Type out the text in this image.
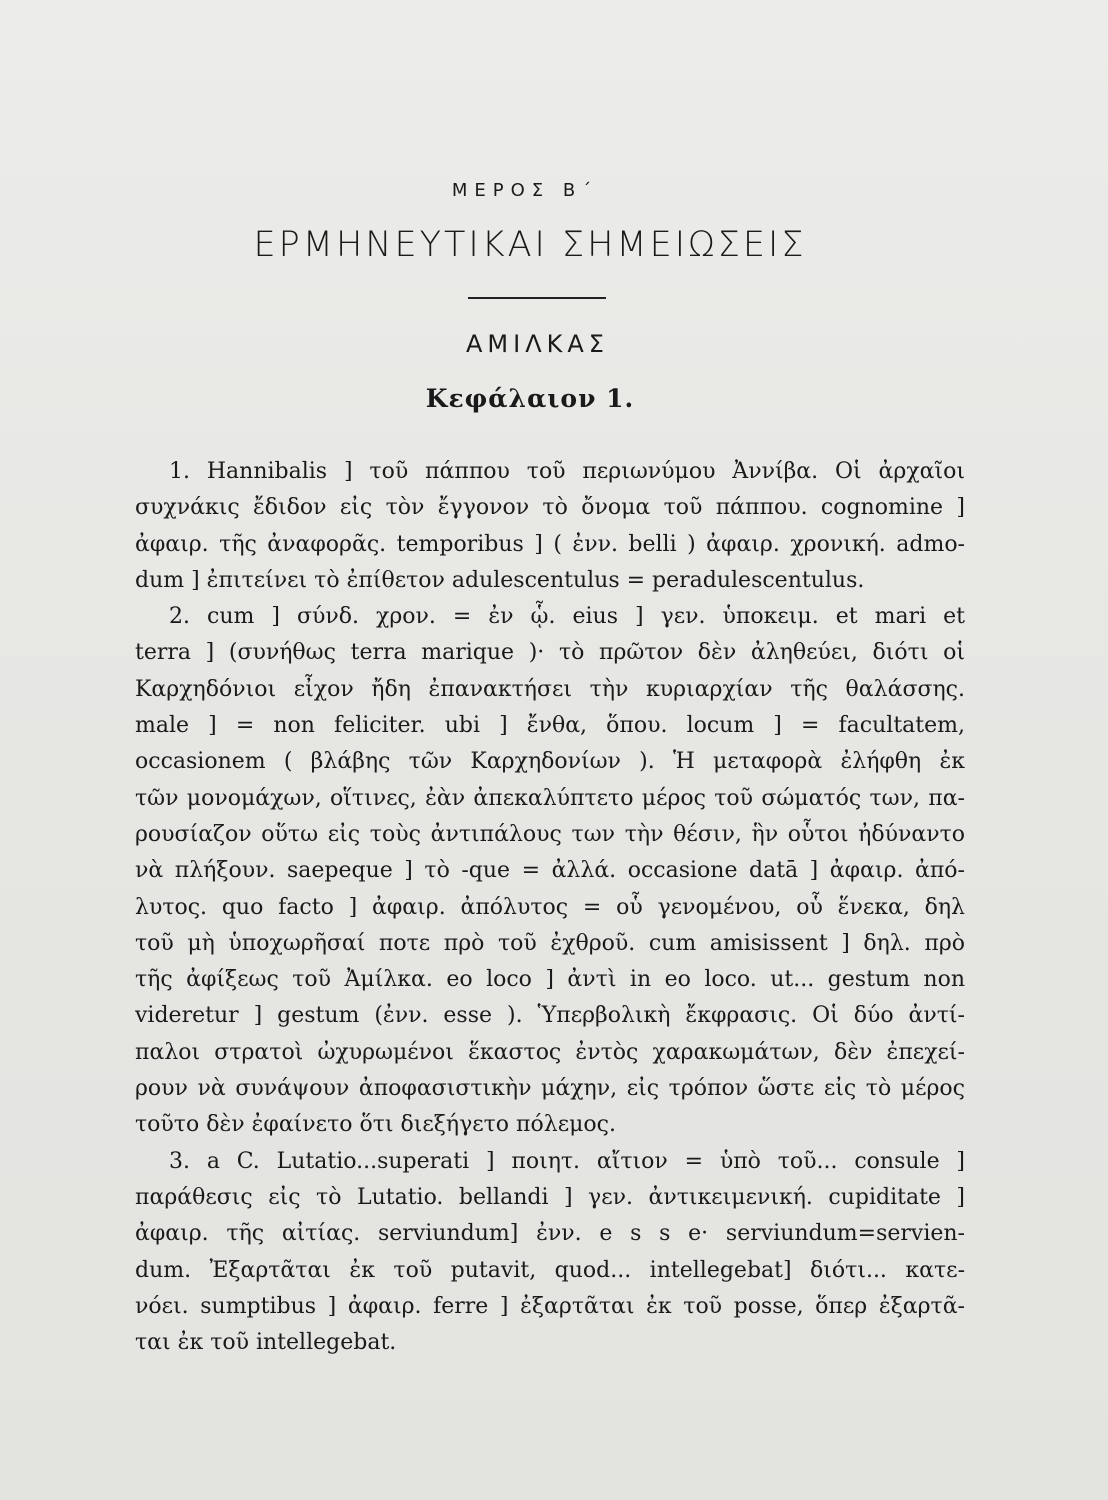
ΜΕΡΟΣ Β΄
ΕΡΜΗΝΕΥΤΙΚΑΙ ΣΗΜΕΙΩΣΕΙΣ
ΑΜΙΛΚΑΣ
Κεφάλαιον 1.
1. Hannibalis ] τοῦ πάππου τοῦ περιωνύμου Ἀννίβα. Οἱ ἀρχαῖοι
συχνάκις ἔδιδον εἰς τὸν ἔγγονον τὸ ὄνομα τοῦ πάππου. cognomine ]
ἀφαιρ. τῆς ἀναφορᾶς. temporibus ] ( ἐνν. belli ) ἀφαιρ. χρονική. admo-
dum ] ἐπιτείνει τὸ ἐπίθετον adulescentulus = peradulescentulus.
2. cum ] σύνδ. χρον. = ἐν ᾧ. eius ] γεν. ὑποκειμ. et mari et
terra ] (συνήθως terra marique )· τὸ πρῶτον δὲν ἀληθεύει, διότι οἱ
Καρχηδόνιοι εἶχον ἤδη ἐπανακτήσει τὴν κυριαρχίαν τῆς θαλάσσης.
male ] = non feliciter. ubi ] ἔνθα, ὅπου. locum ] = facultatem,
occasionem ( βλάβης τῶν Καρχηδονίων ). Ἡ μεταφορὰ ἐλήφθη ἐκ
τῶν μονομάχων, οἵτινες, ἐὰν ἀπεκαλύπτετο μέρος τοῦ σώματός των, πα-
ρουσίαζον οὕτω εἰς τοὺς ἀντιπάλους των τὴν θέσιν, ἣν οὗτοι ἠδύναντο
νὰ πλήξουν. saepeque ] τὸ -que = ἀλλά. occasione datā ] ἀφαιρ. ἀπό-
λυτος. quo facto ] ἀφαιρ. ἀπόλυτος = οὗ γενομένου, οὗ ἕνεκα, δηλ
τοῦ μὴ ὑποχωρῆσαί ποτε πρὸ τοῦ ἐχθροῦ. cum amisissent ] δηλ. πρὸ
τῆς ἀφίξεως τοῦ Ἀμίλκα. eo loco ] ἀντὶ in eo loco. ut... gestum non
videretur ] gestum (ἐνν. esse ). Ὑπερβολικὴ ἔκφρασις. Οἱ δύο ἀντί-
παλοι στρατοὶ ὠχυρωμένοι ἕκαστος ἐντὸς χαρακωμάτων, δὲν ἐπεχεί-
ρουν νὰ συνάψουν ἀποφασιστικὴν μάχην, εἰς τρόπον ὥστε εἰς τὸ μέρος
τοῦτο δὲν ἐφαίνετο ὅτι διεξήγετο πόλεμος.
3. a C. Lutatio...superati ] ποιητ. αἴτιον = ὑπὸ τοῦ... consule ]
παράθεσις εἰς τὸ Lutatio. bellandi ] γεν. ἀντικειμενική. cupiditate ]
ἀφαιρ. τῆς αἰτίας. serviundum] ἐνν. e s s e· serviundum=servien-
dum. Ἐξαρτᾶται ἐκ τοῦ putavit, quod... intellegebat] διότι... κατε-
νόει. sumptibus ] ἀφαιρ. ferre ] ἐξαρτᾶται ἐκ τοῦ posse, ὅπερ ἐξαρτᾶ-
ται ἐκ τοῦ intellegebat.
